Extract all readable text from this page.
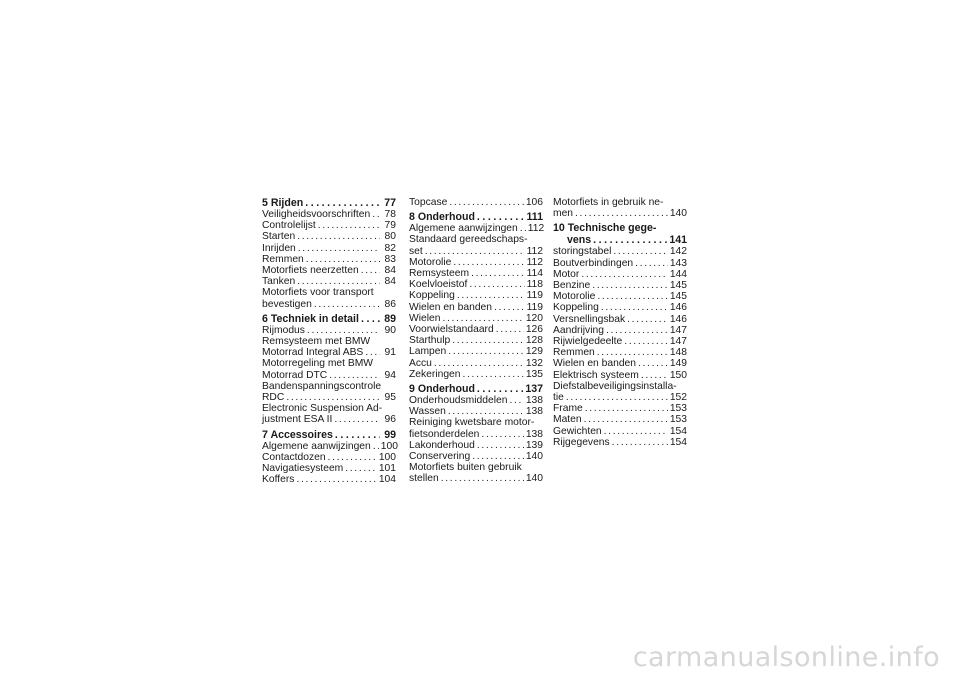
5 Rijden . . .	77
Veiligheidsvoorschriften . . . 78
Controlelijst . . .	79
Starten . . .	80
Inrijden . . .	82
Remmen . . .	83
Motorfiets neerzetten . . .	84
Tanken . . .	84
Motorfiets voor transport
bevestigen . . .	86
6 Techniek in detail . . . 89
Rijmodus . . .	90
Remsysteem met BMW
Motorrad Integral ABS . . . 91
Motorregeling met BMW
Motorrad DTC . . .	94
Bandenspanningscontrole
RDC . . .	95
Electronic Suspension Ad-
justment ESA II . . .	96
7 Accessoires . . .	99
Algemene aanwijzingen . . . 100
Contactdozen . . .	100
Navigatiesysteem . . .	101
Koffers . . .	104
Topcase . . .	106
8 Onderhoud . . .	111
Algemene aanwijzingen . . . 112
Standaard gereedschaps-
set . . .	112
Motorolie . . .	112
Remsysteem . . .	114
Koelvloeistof . . .	118
Koppeling . . .	119
Wielen en banden . . .	119
Wielen . . .	120
Voorwielstandaard . . .	126
Starthulp . . .	128
Lampen . . .	129
Accu . . .	132
Zekeringen . . .	135
9 Onderhoud . . .	137
Onderhoudsmiddelen . . . 138
Wassen . . .	138
Reiniging kwetsbare motor-
fietsonderdelen . . .	138
Lakonderhoud . . .	139
Conservering . . .	140
Motorfiets buiten gebruik
stellen . . .	140
Motorfiets in gebruik ne-
men . . .	140
10 Technische gege-
vens . . .	141
storingstabel . . .	142
Boutverbindingen . . .	143
Motor . . .	144
Benzine . . .	145
Motorolie . . .	145
Koppeling . . .	146
Versnellingsbak . . .	146
Aandrijving . . .	147
Rijwielgedeelte . . .	147
Remmen . . .	148
Wielen en banden . . .	149
Elektrisch systeem . . .	150
Diefstalbeveiligingsinstalla-
tie . . .	152
Frame . . .	153
Maten . . .	153
Gewichten . . .	154
Rijgegevens . . .	154
carmanualsonline.info
